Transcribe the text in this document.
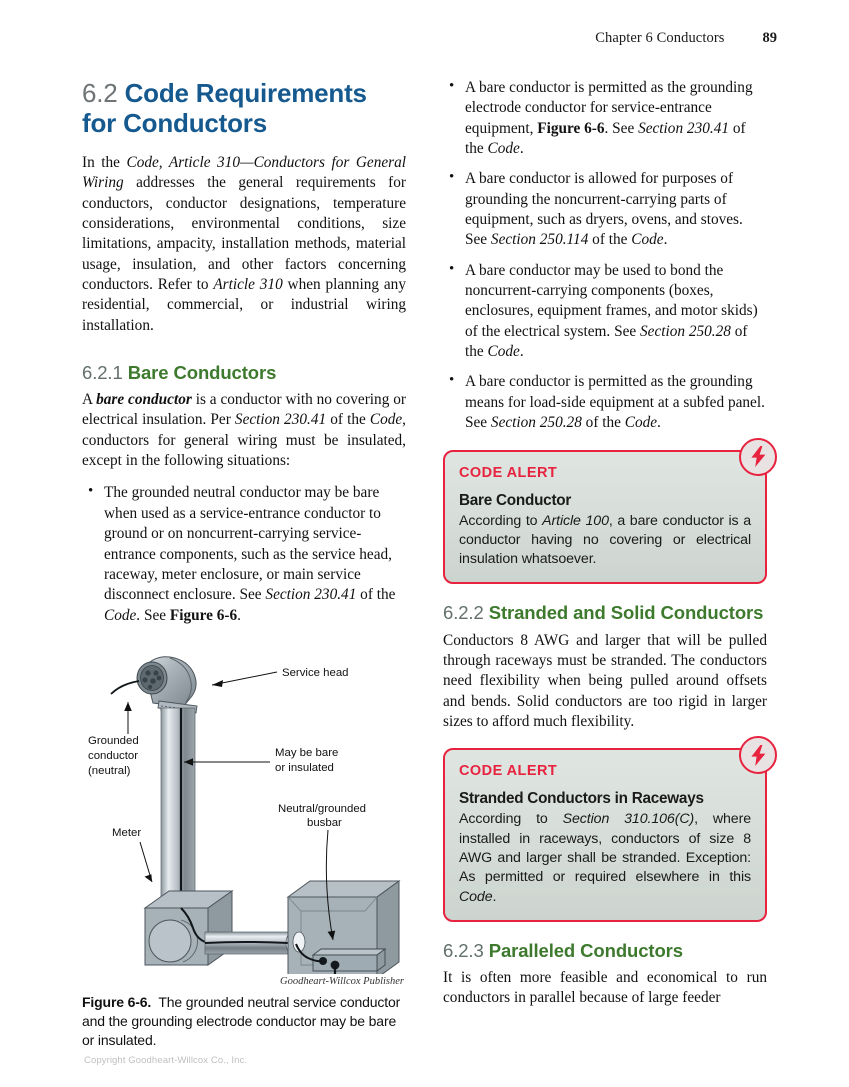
Chapter 6 Conductors	89
6.2 Code Requirements for Conductors

In the Code, Article 310—Conductors for General Wiring addresses the general requirements for conductors, conductor designations, temperature considerations, environmental conditions, size limitations, ampacity, installation methods, material usage, insulation, and other factors concerning conductors. Refer to Article 310 when planning any residential, commercial, or industrial wiring installation.

6.2.1 Bare Conductors

A bare conductor is a conductor with no covering or electrical insulation. Per Section 230.41 of the Code, conductors for general wiring must be insulated, except in the following situations:

• The grounded neutral conductor may be bare when used as a service-entrance conductor to ground or on noncurrent-carrying service-entrance components, such as the service head, raceway, meter enclosure, or main service disconnect enclosure. See Section 230.41 of the Code. See Figure 6-6.
Service head
Grounded
conductor
(neutral)
May be bare
or insulated
Neutral/grounded
busbar
Meter
Goodheart-Willcox Publisher

Figure 6-6. The grounded neutral service conductor and the grounding electrode conductor may be bare or insulated.

• A bare conductor is permitted as the grounding electrode conductor for service-entrance equipment, Figure 6-6. See Section 230.41 of the Code.
• A bare conductor is allowed for purposes of grounding the noncurrent-carrying parts of equipment, such as dryers, ovens, and stoves. See Section 250.114 of the Code.
• A bare conductor may be used to bond the noncurrent-carrying components (boxes, enclosures, equipment frames, and motor skids) of the electrical system. See Section 250.28 of the Code.
• A bare conductor is permitted as the grounding means for load-side equipment at a subfed panel. See Section 250.28 of the Code.

CODE ALERT

Bare Conductor

According to Article 100, a bare conductor is a conductor having no covering or electrical insulation whatsoever.

6.2.2 Stranded and Solid Conductors

Conductors 8 AWG and larger that will be pulled through raceways must be stranded. The conductors need flexibility when being pulled around offsets and bends. Solid conductors are too rigid in larger sizes to afford much flexibility.

CODE ALERT

Stranded Conductors in Raceways

According to Section 310.106(C), where installed in raceways, conductors of size 8 AWG and larger shall be stranded. Exception: As permitted or required elsewhere in this Code.

6.2.3 Paralleled Conductors

It is often more feasible and economical to run conductors in parallel because of large feeder

Copyright Goodheart-Willcox Co., Inc.
